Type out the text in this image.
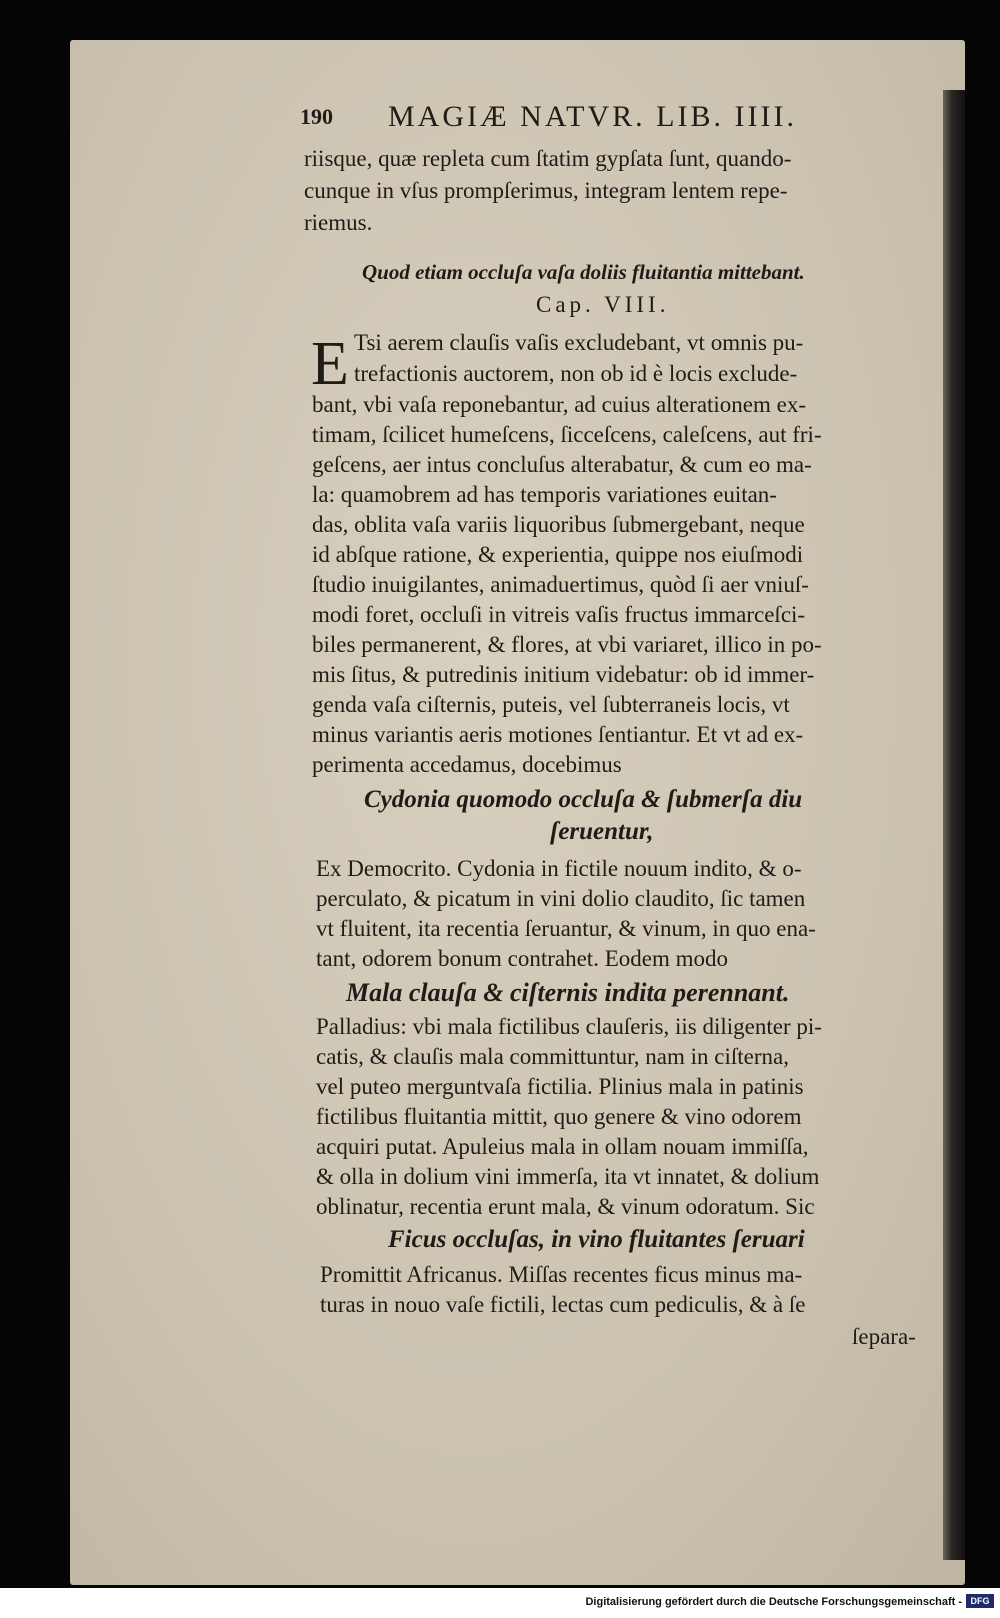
190 MAGIÆ NATVR. LIB. IIII.
riisque, quæ repleta cum ſtatim gypſata ſunt, quando-
cunque in vſus prompſerimus, integram lentem repe-
riemus.
Quod etiam occluſa vaſa doliis fluitantia mittebant.
Cap. VIII.
E Tsi aerem clauſis vaſis excludebant, vt omnis pu-
trefactionis auctorem, non ob id è locis exclude-
bant, vbi vaſa reponebantur, ad cuius alterationem ex-
timam, ſcilicet humeſcens, ſicceſcens, caleſcens, aut fri-
geſcens, aer intus concluſus alterabatur, & cum eo ma-
la: quamobrem ad has temporis variationes euitan-
das, oblita vaſa variis liquoribus ſubmergebant, neque
id abſque ratione, & experientia, quippe nos eiuſmodi
ſtudio inuigilantes, animaduertimus, quòd ſi aer vniuſ-
modi foret, occluſi in vitreis vaſis fructus immarceſci-
biles permanerent, & flores, at vbi variaret, illico in po-
mis ſitus, & putredinis initium videbatur: ob id immer-
genda vaſa ciſternis, puteis, vel ſubterraneis locis, vt
minus variantis aeris motiones ſentiantur. Et vt ad ex-
perimenta accedamus, docebimus
Cydonia quomodo occluſa & ſubmerſa diu
ſeruentur,
Ex Democrito. Cydonia in fictile nouum indito, & o-
perculato, & picatum in vini dolio claudito, ſic tamen
vt fluitent, ita recentia ſeruantur, & vinum, in quo ena-
tant, odorem bonum contrahet. Eodem modo
Mala clauſa & ciſternis indita perennant.
Palladius: vbi mala fictilibus clauſeris, iis diligenter pi-
catis, & clauſis mala committuntur, nam in ciſterna,
vel puteo merguntvaſa fictilia. Plinius mala in patinis
fictilibus fluitantia mittit, quo genere & vino odorem
acquiri putat. Apuleius mala in ollam nouam immiſſa,
& olla in dolium vini immerſa, ita vt innatet, & dolium
oblinatur, recentia erunt mala, & vinum odoratum. Sic
Ficus occluſas, in vino fluitantes ſeruari
Promittit Africanus. Miſſas recentes ficus minus ma-
turas in nouo vaſe fictili, lectas cum pediculis, & à ſe
ſepara-
Digitalisierung gefördert durch die Deutsche Forschungsgemeinschaft - DFG
